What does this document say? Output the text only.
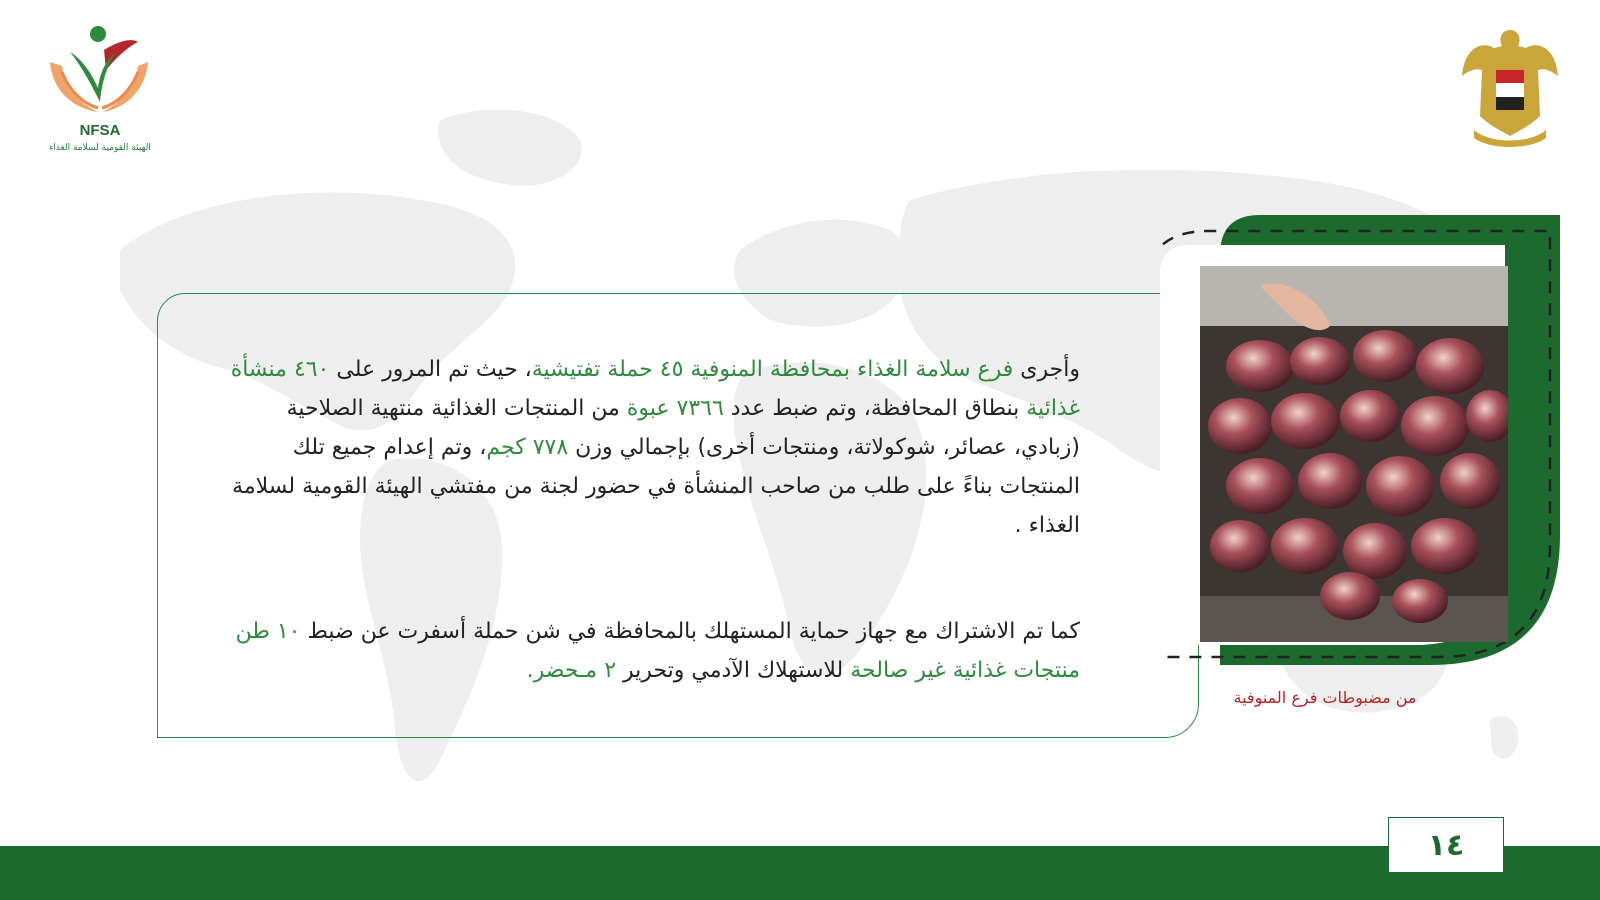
NFSA
الهيئة القومية لسلامة الغذاء
وأجرى فرع سلامة الغذاء بمحافظة المنوفية ٤٥ حملة تفتيشية، حيث تم المرور على ٤٦٠ منشأة غذائية بنطاق المحافظة، وتم ضبط عدد ٧٣٦٦ عبوة من المنتجات الغذائية منتهية الصلاحية (زبادي، عصائر، شوكولاتة، ومنتجات أخرى) بإجمالي وزن ٧٧٨ كجم، وتم إعدام جميع تلك المنتجات بناءً على طلب من صاحب المنشأة في حضور لجنة من مفتشي الهيئة القومية لسلامة الغذاء .
كما تم الاشتراك مع جهاز حماية المستهلك بالمحافظة في شن حملة أسفرت عن ضبط ١٠ طن منتجات غذائية غير صالحة للاستهلاك الآدمي وتحرير ٢ مـحضر.
من مضبوطات فرع المنوفية
١٤
